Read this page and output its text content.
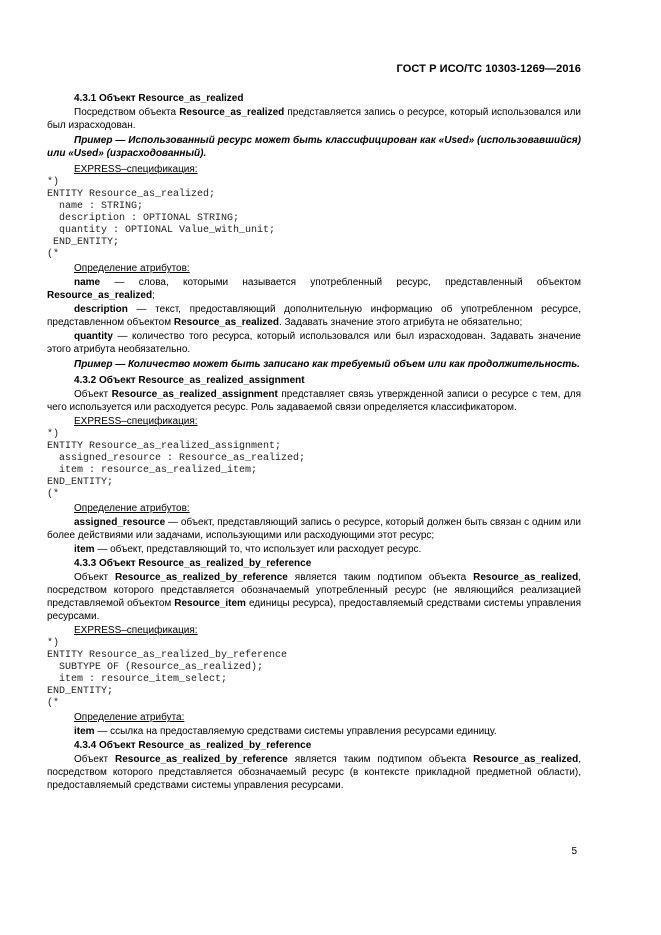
ГОСТ Р ИСО/ТС 10303-1269—2016
4.3.1 Объект Resource_as_realized

Посредством объекта Resource_as_realized представляется запись о ресурсе, который использовался или был израсходован.

Пример — Использованный ресурс может быть классифицирован как «Used» (использовавшийся) или «Used» (израсходованный).

EXPRESS–спецификация:

*)
ENTITY Resource_as_realized;
name : STRING;
description : OPTIONAL STRING;
quantity : OPTIONAL Value_with_unit;
END_ENTITY;
(*

Определение атрибутов:

name — слова, которыми называется употребленный ресурс, представленный объектом Resource_as_realized;

description — текст, предоставляющий дополнительную информацию об употребленном ресурсе, представленном объектом Resource_as_realized. Задавать значение этого атрибута не обязательно;

quantity — количество того ресурса, который использовался или был израсходован. Задавать значение этого атрибута необязательно.

Пример — Количество может быть записано как требуемый объем или как продолжительность.

4.3.2 Объект Resource_as_realized_assignment

Объект Resource_as_realized_assignment представляет связь утвержденной записи о ресурсе с тем, для чего используется или расходуется ресурс. Роль задаваемой связи определяется классификатором.

EXPRESS–спецификация:

*)
ENTITY Resource_as_realized_assignment;
assigned_resource : Resource_as_realized;
item : resource_as_realized_item;
END_ENTITY;
(*

Определение атрибутов:

assigned_resource — объект, представляющий запись о ресурсе, который должен быть связан с одним или более действиями или задачами, использующими или расходующими этот ресурс;

item — объект, представляющий то, что использует или расходует ресурс.

4.3.3 Объект Resource_as_realized_by_reference

Объект Resource_as_realized_by_reference является таким подтипом объекта Resource_as_realized, посредством которого представляется обозначаемый употребленный ресурс (не являющийся реализацией представляемой объектом Resource_item единицы ресурса), предоставляемый средствами системы управления ресурсами.

EXPRESS–спецификация:

*)
ENTITY Resource_as_realized_by_reference
SUBTYPE OF (Resource_as_realized);
item : resource_item_select;
END_ENTITY;
(*

Определение атрибута:

item — ссылка на предоставляемую средствами системы управления ресурсами единицу.

4.3.4 Объект Resource_as_realized_by_reference

Объект Resource_as_realized_by_reference является таким подтипом объекта Resource_as_realized, посредством которого представляется обозначаемый ресурс (в контексте прикладной предметной области), предоставляемый средствами системы управления ресурсами.

5
